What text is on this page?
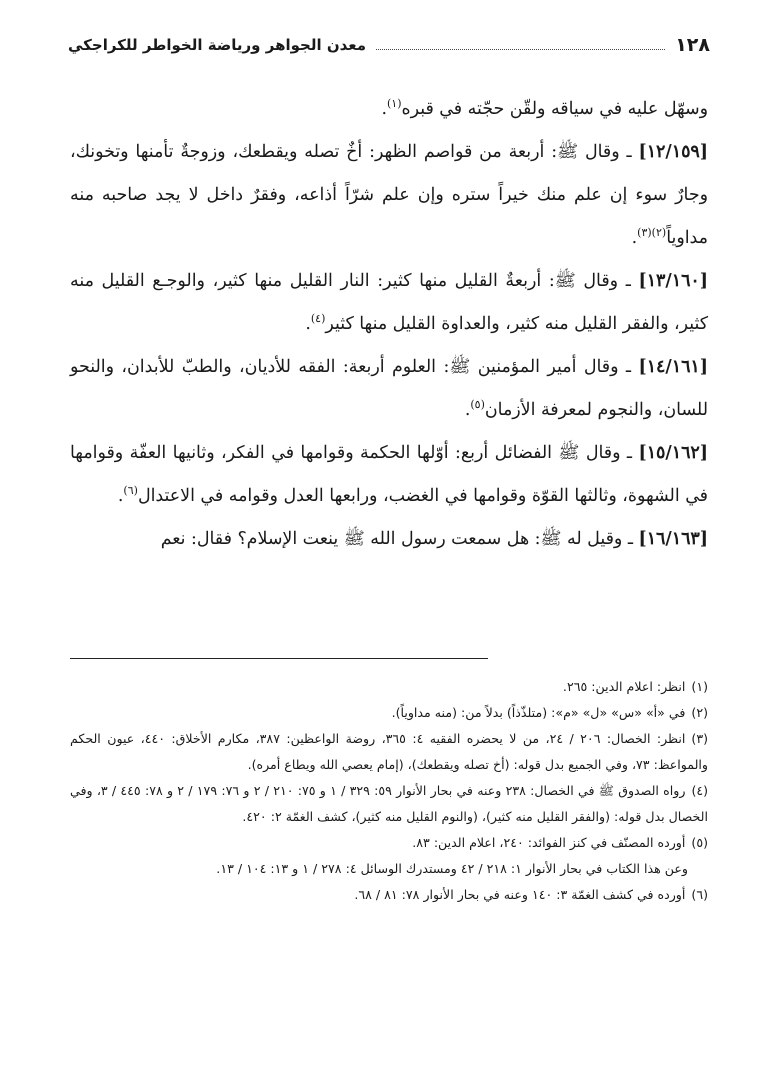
١٢٨
معدن الجواهر ورياضة الخواطر للكراجكي

وسهّل عليه في سياقه ولقّن حجّته في قبره$^{(١)}$.

[١٢/١٥٩] ـ وقال ﷺ: أربعة من قواصم الظهر: أخٌ تصله ويقطعك، وزوجةٌ تأمنها وتخونك، وجارٌ سوء إن علم منك خيراً ستره وإن علم شرّاً أذاعه، وفقرٌ داخل لا يجد صاحبه منه مداوياً$^{(٢)(٣)}$.

[١٣/١٦٠] ـ وقال ﷺ: أربعةٌ القليل منها كثير: النار القليل منها كثير، والوجـع القليل منه كثير، والفقر القليل منه كثير، والعداوة القليل منها كثير$^{(٤)}$.

[١٤/١٦١] ـ وقال أمير المؤمنين ﷺ: العلوم أربعة: الفقه للأديان، والطبّ للأبدان، والنحو للسان، والنجوم لمعرفة الأزمان$^{(٥)}$.

[١٥/١٦٢] ـ وقال ﷺ الفضائل أربع: أوّلها الحكمة وقوامها في الفكر، وثانيها العفّة وقوامها في الشهوة، وثالثها القوّة وقوامها في الغضب، ورابعها العدل وقوامه في الاعتدال$^{(٦)}$.

[١٦/١٦٣] ـ وقيل له ﷺ: هل سمعت رسول الله ﷺ ينعت الإسلام؟ فقال: نعم

(١)انظر: اعلام الدين: ٢٦٥.

(٢)في «أ» «س» «ل» «م»: (متلذّذاً) بدلاً من: (منه مداوياً).

(٣)انظر: الخصال: ٢٠٦ / ٢٤، من لا يحضره الفقيه ٤: ٣٦٥، روضة الواعظين: ٣٨٧، مكارم الأخلاق: ٤٤٠، عيون الحكم والمواعظ: ٧٣، وفي الجميع بدل قوله: (أخ تصله ويقطعك)، (إمام يعصي الله ويطاع أمره).

(٤)رواه الصدوق ﷺ في الخصال: ٢٣٨ وعنه في بحار الأنوار ٥٩: ٣٢٩ / ١ و ٧٥: ٢١٠ / ٢ و ٧٦: ١٧٩ / ٢ و ٧٨: ٤٤٥ / ٣، وفي الخصال بدل قوله: (والفقر القليل منه كثير)، (والنوم القليل منه كثير)، كشف الغمّة ٢: ٤٢٠.

(٥)أورده المصنّف في كنز الفوائد: ٢٤٠، اعلام الدين: ٨٣.

وعن هذا الكتاب في بحار الأنوار ١: ٢١٨ / ٤٢ ومستدرك الوسائل ٤: ٢٧٨ / ١ و ١٣: ١٠٤ / ١٣.

(٦)أورده في كشف الغمّة ٣: ١٤٠ وعنه في بحار الأنوار ٧٨: ٨١ / ٦٨.
